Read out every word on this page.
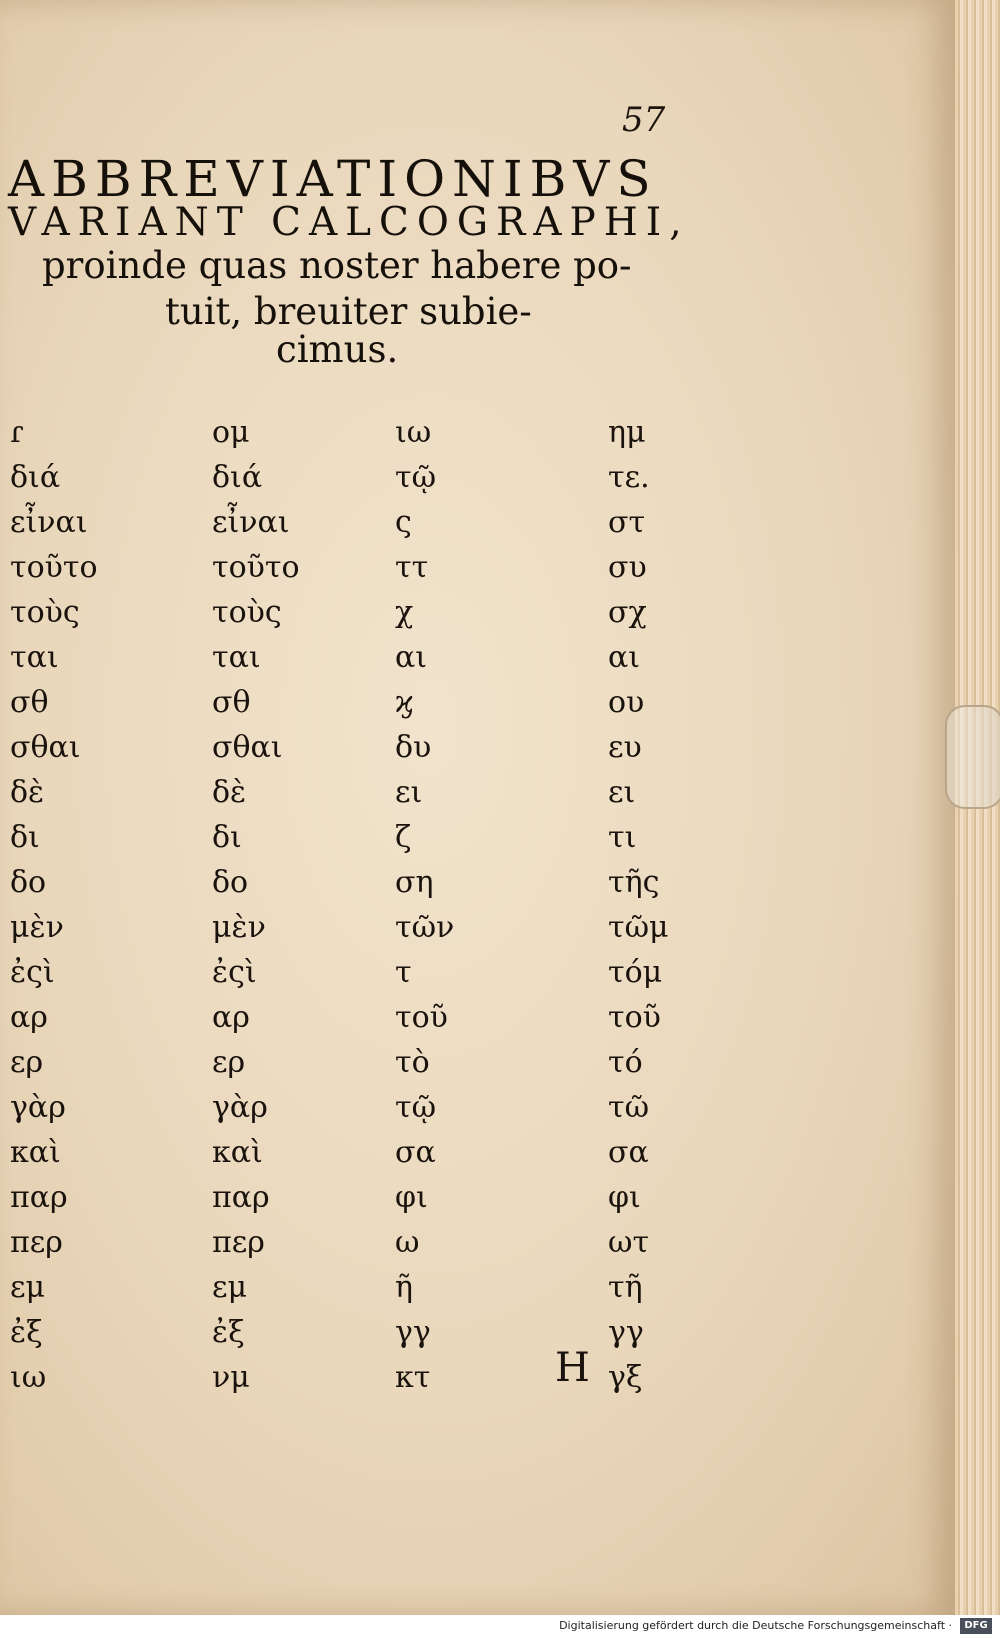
57
ABBREVIATIONIBVS
VARIANT CALCOGRAPHI,
proinde quas noster habere po-
tuit, breuiter subie-
cimus.
ɾ	ομ	ιω	ημ
διά	διά	τῷ	τε.
εἶναι	εἶναι	ς	στ
τοῦτο	τοῦτο	ττ	συ
τοὺς	τοὺς	χ	σχ
ται	ται	αι	αι
σθ	σθ	ϗ	ου
σθαι	σθαι	δυ	ευ
δὲ	δὲ	ει	ει
δι	δι	ζ	τι
δο	δο	ση	τῆς
μὲν	μὲν	τῶν	τῶμ
ἐςὶ	ἐςὶ	τ	τόμ
αρ	αρ	τοῦ	τοῦ
ερ	ερ	τὸ	τό
γὰρ	γὰρ	τῷ	τῶ
καὶ	καὶ	σα	σα
παρ	παρ	φι	φι
περ	περ	ω	ωτ
εμ	εμ	ῆ	τῆ
ἐξ	ἐξ	γγ	γγ
ιω	νμ	κτ	γξ
H
Digitalisierung gefördert durch die Deutsche Forschungsgemeinschaft ·	DFG
